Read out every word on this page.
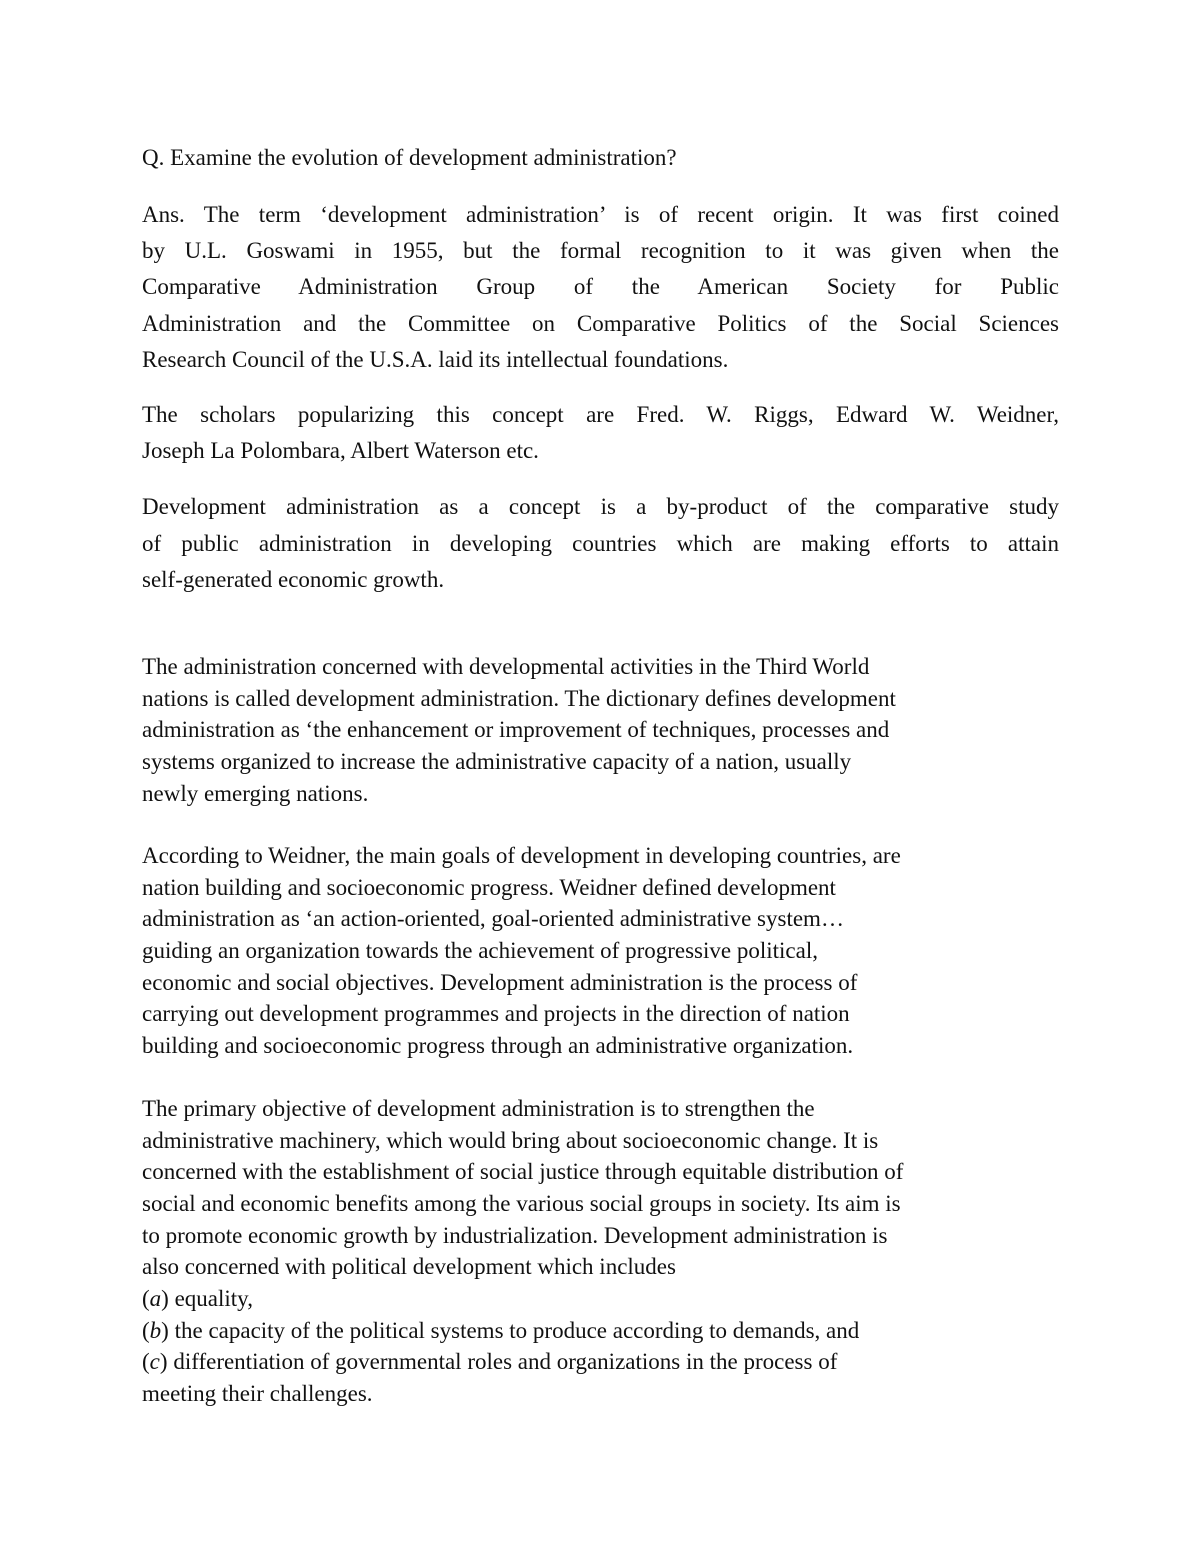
Q. Examine the evolution of development administration?
Ans. The term ‘development administration’ is of recent origin. It was first coined
by U.L. Goswami in 1955, but the formal recognition to it was given when the
Comparative Administration Group of the American Society for Public
Administration and the Committee on Comparative Politics of the Social Sciences
Research Council of the U.S.A. laid its intellectual foundations.
The scholars popularizing this concept are Fred. W. Riggs, Edward W. Weidner,
Joseph La Polombara, Albert Waterson etc.
Development administration as a concept is a by-product of the comparative study
of public administration in developing countries which are making efforts to attain
self-generated economic growth.
The administration concerned with developmental activities in the Third World
nations is called development administration. The dictionary defines development
administration as ‘the enhancement or improvement of techniques, processes and
systems organized to increase the administrative capacity of a nation, usually
newly emerging nations.
According to Weidner, the main goals of development in developing countries, are
nation building and socioeconomic progress. Weidner defined development
administration as ‘an action-oriented, goal-oriented administrative system…
guiding an organization towards the achievement of progressive political,
economic and social objectives. Development administration is the process of
carrying out development programmes and projects in the direction of nation
building and socioeconomic progress through an administrative organization.
The primary objective of development administration is to strengthen the
administrative machinery, which would bring about socioeconomic change. It is
concerned with the establishment of social justice through equitable distribution of
social and economic benefits among the various social groups in society. Its aim is
to promote economic growth by industrialization. Development administration is
also concerned with political development which includes
(a) equality,
(b) the capacity of the political systems to produce according to demands, and
(c) differentiation of governmental roles and organizations in the process of
meeting their challenges.
